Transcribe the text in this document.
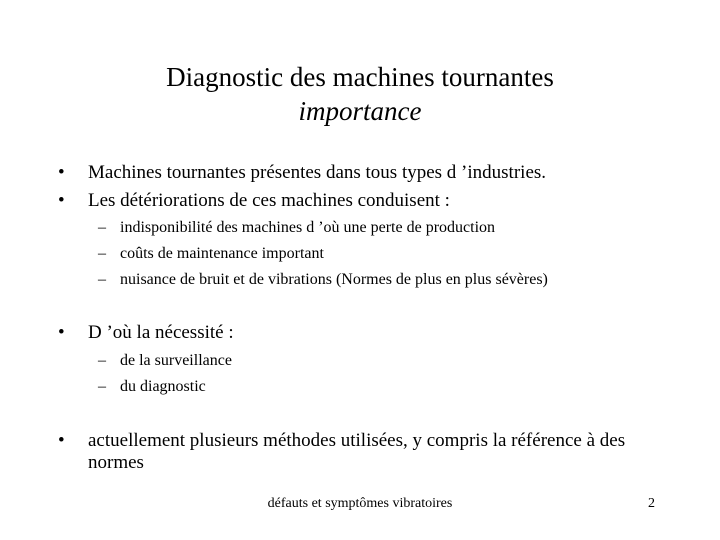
Diagnostic des machines tournantes
importance
• Machines tournantes présentes dans tous types d ’industries.
• Les détériorations de ces machines conduisent :
– indisponibilité des machines d ’où une perte de production
– coûts de maintenance important
– nuisance de bruit et de vibrations (Normes de plus en plus sévères)
• D ’où la nécessité :
– de la surveillance
– du diagnostic
• actuellement plusieurs méthodes utilisées, y compris la référence à des normes
défauts et symptômes vibratoires	2
